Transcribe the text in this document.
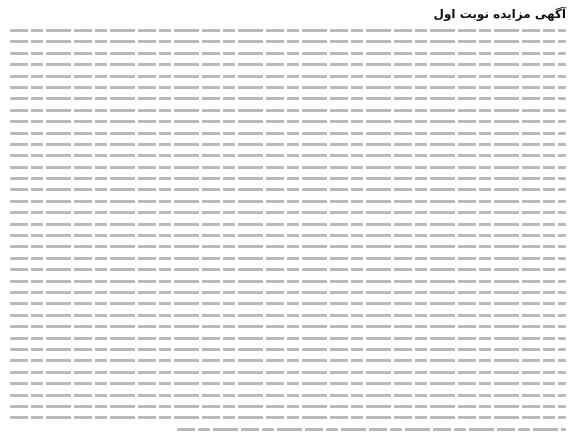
آگهی مزایده نوبت اول
